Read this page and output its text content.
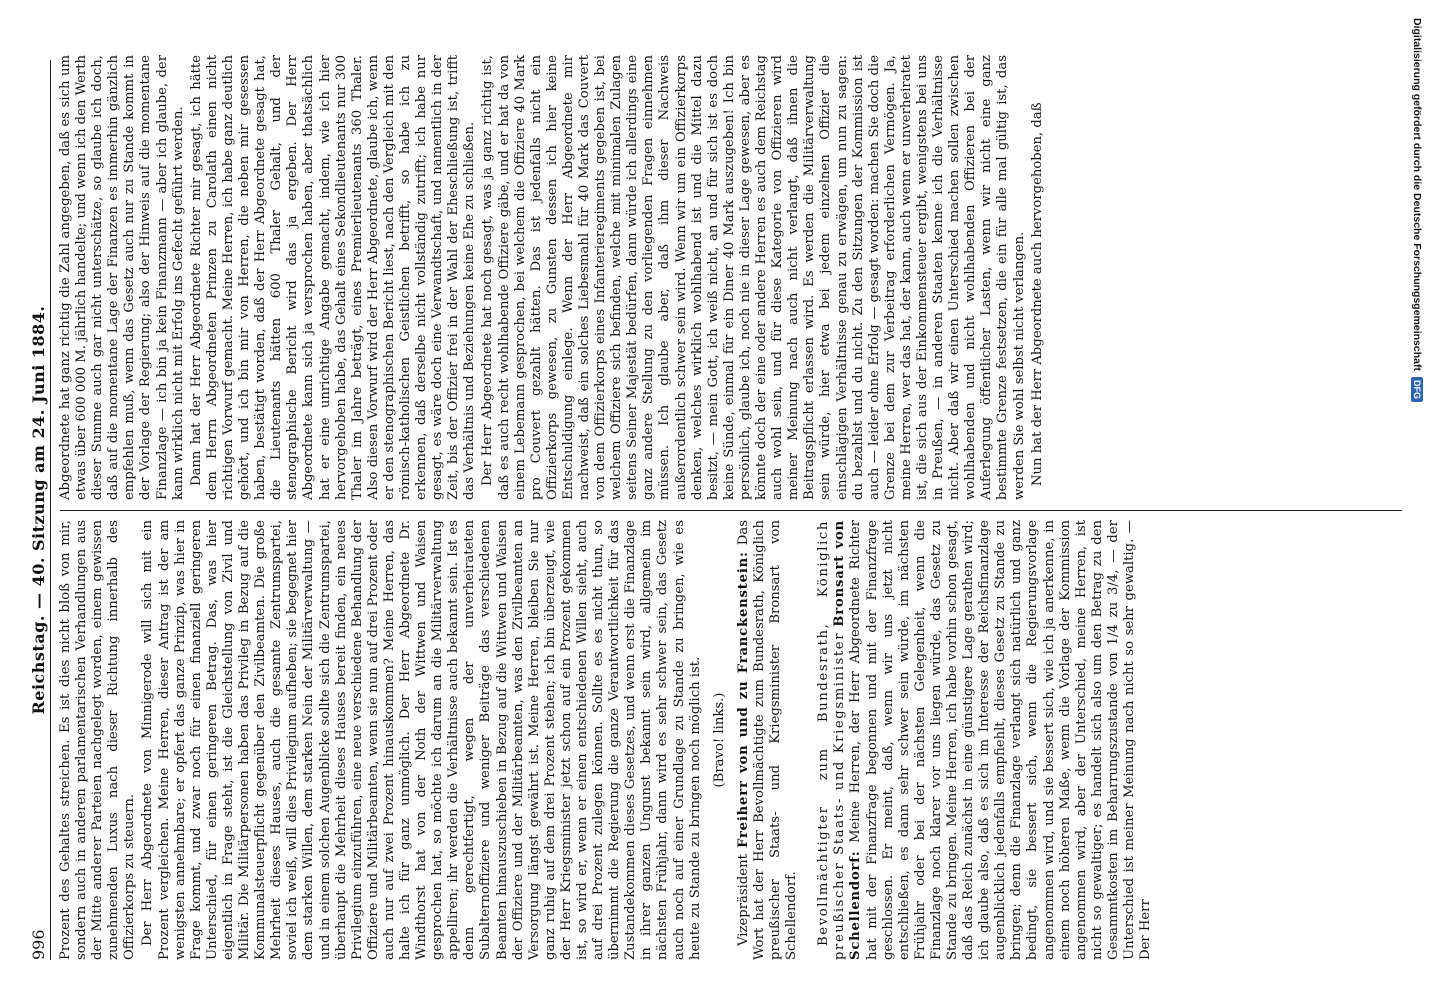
996
Reichstag. — 40. Sitzung am 24. Juni 1884.

Prozent des Gehaltes streichen. Es ist dies nicht bloß von mir, sondern auch in anderen parlamentarischen Verhandlungen aus der Mitte anderer Parteien nachgelegt worden, einem gewissen zunehmenden Luxus nach dieser Richtung innerhalb des Offizierkorps zu steuern. Der Herr Abgeordnete von Minnigerode will sich mit ein Prozent vergleichen. Meine Herren, dieser Antrag ist der am wenigsten annehmbare; er opfert das ganze Prinzip, was hier in Frage kommt, und zwar noch für einen finanziell geringeren Unterschied, für einen geringeren Betrag. Das, was hier eigentlich in Frage steht, ist die Gleichstellung von Zivil und Militär. Die Militärpersonen haben das Privileg in Bezug auf die Kommunalsteuerpflicht gegenüber den Zivilbeamten. Die große Mehrheit dieses Hauses, auch die gesamte Zentrumspartei, soviel ich weiß, will dies Privilegium aufheben; sie begegnet hier dem starken Willen, dem starken Nein der Militärverwaltung — und in einem solchen Augenblicke sollte sich die Zentrumspartei, überhaupt die Mehrheit dieses Hauses bereit finden, ein neues Privilegium einzuführen, eine neue verschiedene Behandlung der Offiziere und Militärbeamten, wenn sie nun auf drei Prozent oder auch nur auf zwei Prozent hinauskommen? Meine Herren, das halte ich für ganz unmöglich. Der Herr Abgeordnete Dr. Windthorst hat von der Noth der Wittwen und Waisen gesprochen hat, so möchte ich darum an die Militärverwaltung appelliren; ihr werden die Verhältnisse auch bekannt sein. Ist es denn gerechtfertigt, wegen der unverheirateten Subalternoffiziere und weniger Beiträge das verschiedenen Beamten hinauszuschieben in Bezug auf die Wittwen und Waisen der Offiziere und der Militärbeamten, was den Zivilbeamten an Versorgung längst gewährt ist. Meine Herren, bleiben Sie nur ganz ruhig auf dem drei Prozent stehen; ich bin überzeugt, wie der Herr Kriegsminister jetzt schon auf ein Prozent gekommen ist, so wird er, wenn er einen entschiedenen Willen sieht, auch auf drei Prozent zulegen können. Sollte es es nicht thun, so übernimmt die Regierung die ganze Verantwortlichkeit für das Zustandekommen dieses Gesetzes, und wenn erst die Finanzlage in ihrer ganzen Ungunst bekannt sein wird, allgemein im nächsten Frühjahr, dann wird es sehr schwer sein, das Gesetz auch noch auf einer Grundlage zu Stande zu bringen, wie es heute zu Stande zu bringen noch möglich ist. (Bravo! links.)

Vizepräsident Freiherr von und zu Franckenstein: Das Wort hat der Herr Bevollmächtigte zum Bundesrath, Königlich preußischer Staats- und Kriegsminister Bronsart von Schellendorf. Bevollmächtigter zum Bundesrath, Königlich preußischer Staats- und Kriegsminister Bronsart von Schellendorf: Meine Herren, der Herr Abgeordnete Richter hat mit der Finanzfrage begonnen und mit der Finanzfrage geschlossen. Er meint, daß, wenn wir uns jetzt nicht entschließen, es dann sehr schwer sein würde, im nächsten Frühjahr oder bei der nächsten Gelegenheit, wenn die Finanzlage noch klarer vor uns liegen würde, das Gesetz zu Stande zu bringen. Meine Herren, ich habe vorhin schon gesagt, daß das Reich zunächst in eine günstigere Lage gerathen wird; ich glaube also, daß es sich im Interesse der Reichsfinanzlage augenblicklich jedenfalls empfiehlt, dieses Gesetz zu Stande zu bringen; denn die Finanzlage verlangt sich natürlich und ganz bedingt, sie bessert sich, wenn die Regierungsvorlage angenommen wird, und sie bessert sich, wie ich ja anerkenne, in einem noch höheren Maße, wenn die Vorlage der Kommission angenommen wird, aber der Unterschied, meine Herren, ist nicht so gewaltiger; es handelt sich also um den Betrag zu den Gesammtkosten im Beharrungszustande von 1/4 zu 3/4, — der Unterschied ist meiner Meinung nach nicht so sehr gewaltig. — Der Herr

Abgeordnete hat ganz richtig die Zahl angegeben, daß es sich um etwas über 600 000 M. jährlich handelte; und wenn ich den Werth dieser Summe auch gar nicht unterschätze, so glaube ich doch, daß auf die momentane Lage der Finanzen es immerhin gänzlich empfehlen muß, wenn das Gesetz auch nur zu Stande kommt in der Vorlage der Regierung; also der Hinweis auf die momentane Finanzlage — ich bin ja kein Finanzmann — aber ich glaube, der kann wirklich nicht mit Erfolg ins Gefecht geführt werden. Dann hat der Herr Abgeordnete Richter mir gesagt, ich hätte dem Herrn Abgeordneten Prinzen zu Carolath einen nicht richtigen Vorwurf gemacht. Meine Herren, ich habe ganz deutlich gehört, und ich bin mir von Herren, die neben mir gesessen haben, bestätigt worden, daß der Herr Abgeordnete gesagt hat, die Lieutenants hätten 600 Thaler Gehalt, und der stenographische Bericht wird das ja ergeben. Der Herr Abgeordnete kann sich ja versprochen haben, aber thatsächlich hat er eine unrichtige Angabe gemacht, indem, wie ich hier hervorgehoben habe, das Gehalt eines Sekondlieutenants nur 300 Thaler im Jahre beträgt, eines Premierlieutenants 360 Thaler. Also diesen Vorwurf wird der Herr Abgeordnete, glaube ich, wenn er den stenographischen Bericht liest, nach den Vergleich mit den römisch-katholischen Geistlichen betrifft, so habe ich zu erkennen, daß derselbe nicht vollständig zutrifft; ich habe nur gesagt, es wäre doch eine Verwandtschaft, und namentlich in der Zeit, bis der Offizier frei in der Wahl der Eheschließung ist, trifft das Verhältnis und Beziehungen keine Ehe zu schließen. Der Herr Abgeordnete hat noch gesagt, was ja ganz richtig ist, daß es auch recht wohlhabende Offiziere gäbe, und er hat da von einem Lebemann gesprochen, bei welchem die Offiziere 40 Mark pro Couvert gezahlt hätten. Das ist jedenfalls nicht ein Offizierkorps gewesen, zu Gunsten dessen ich hier keine Entschuldigung einlege. Wenn der Herr Abgeordnete mir nachweist, daß ein solches Liebesmahl für 40 Mark das Couvert von dem Offizierkorps eines Infanterieregiments gegeben ist, bei welchem Offiziere sich befinden, welche mit minimalen Zulagen seitens Seiner Majestät bedürfen, dann würde ich allerdings eine ganz andere Stellung zu den vorliegenden Fragen einnehmen müssen. Ich glaube aber, daß ihm dieser Nachweis außerordentlich schwer sein wird. Wenn wir um ein Offizierkorps denken, welches wirklich wohlhabend ist und die Mittel dazu besitzt, — mein Gott, ich weiß nicht, an und für sich ist es doch keine Sünde, einmal für ein Diner 40 Mark auszugeben! Ich bin persönlich, glaube ich, noch nie in dieser Lage gewesen, aber es könnte doch der eine oder andere Herren es auch dem Reichstag auch wohl sein, und für diese Kategorie von Offizieren wird meiner Meinung nach auch nicht verlangt, daß ihnen die Beitragspflicht erlassen wird. Es werden die Militärverwaltung sein würde, hier etwa bei jedem einzelnen Offizier die einschlägigen Verhältnisse genau zu erwägen, um nun zu sagen: du bezahlst und du nicht. Zu den Sitzungen der Kommission ist auch — leider ohne Erfolg — gesagt worden: machen Sie doch die Grenze bei dem zur Verbeitrag erforderlichen Vermögen. Ja, meine Herren, wer das hat, der kann, auch wenn er unverheiratet ist, die sich aus der Einkommensteuer ergibt, wenigstens bei uns in Preußen, — in anderen Staaten kenne ich die Verhältnisse nicht. Aber daß wir einen Unterschied machen sollen zwischen wohlhabenden und nicht wohlhabenden Offizieren bei der Auferlegung öffentlicher Lasten, wenn wir nicht eine ganz bestimmte Grenze festsetzen, die ein für alle mal gültig ist, das werden Sie wohl selbst nicht verlangen. Nun hat der Herr Abgeordnete auch hervorgehoben, daß	Digitalisierung gefördert durch die Deutsche Forschungsgemeinschaft
DFG
